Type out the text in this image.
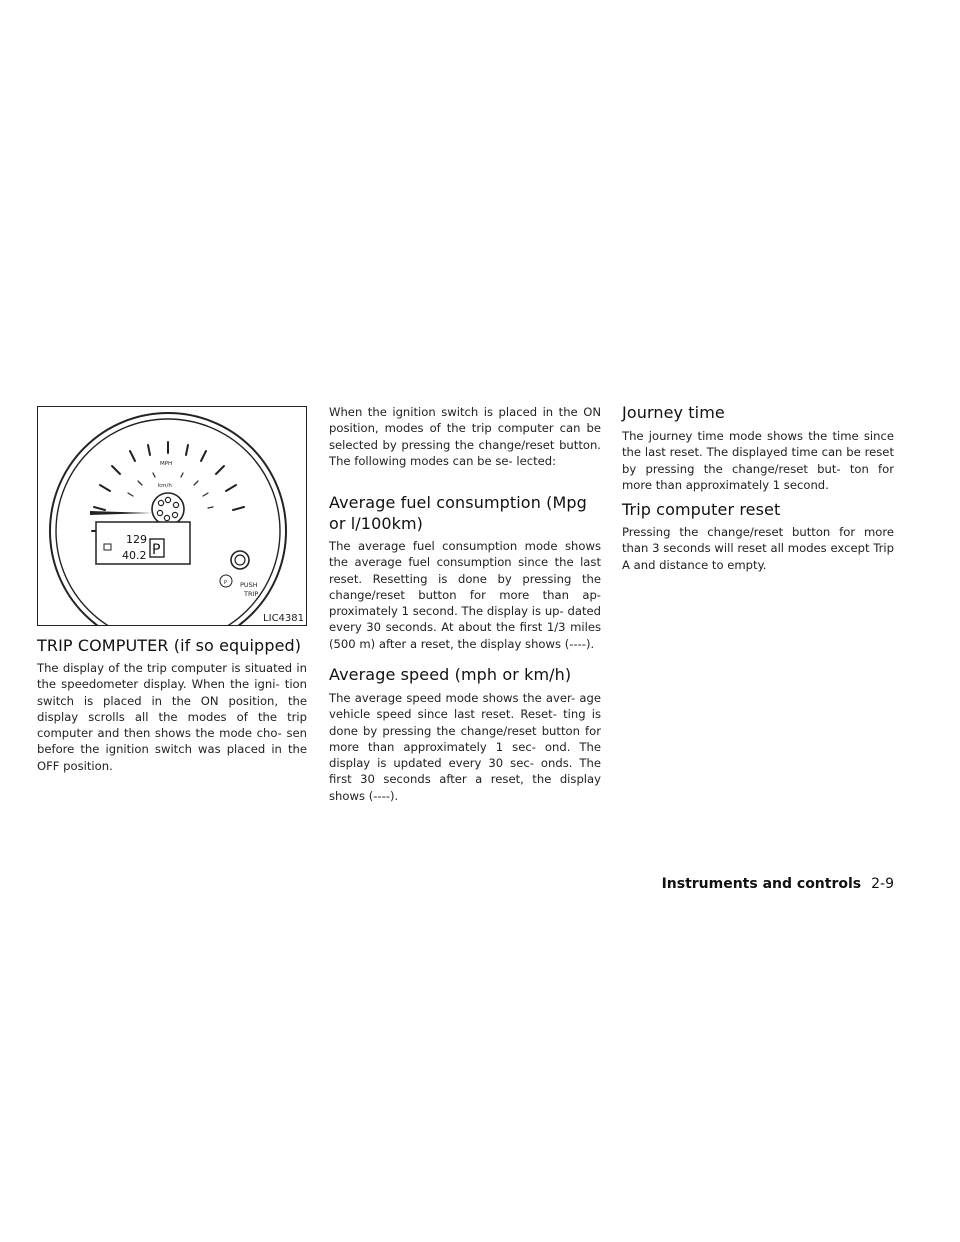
MPH
km/h
129
40.2 P
P PUSH
TRIP
LIC4381
TRIP COMPUTER (if so equipped)

The display of the trip computer is situated in the speedometer display. When the igni- tion switch is placed in the ON position, the display scrolls all the modes of the trip computer and then shows the mode cho- sen before the ignition switch was placed in the OFF position.

When the ignition switch is placed in the ON position, modes of the trip computer can be selected by pressing the change/reset button. The following modes can be se- lected:

Average fuel consumption (Mpg or l/100km)

The average fuel consumption mode shows the average fuel consumption since the last reset. Resetting is done by pressing the change/reset button for more than ap- proximately 1 second. The display is up- dated every 30 seconds. At about the first 1/3 miles (500 m) after a reset, the display shows (----).

Average speed (mph or km/h)

The average speed mode shows the aver- age vehicle speed since last reset. Reset- ting is done by pressing the change/reset button for more than approximately 1 sec- ond. The display is updated every 30 sec- onds. The first 30 seconds after a reset, the display shows (----).

Journey time

The journey time mode shows the time since the last reset. The displayed time can be reset by pressing the change/reset but- ton for more than approximately 1 second.

Trip computer reset

Pressing the change/reset button for more than 3 seconds will reset all modes except Trip A and distance to empty.

Instruments and controls 2-9
